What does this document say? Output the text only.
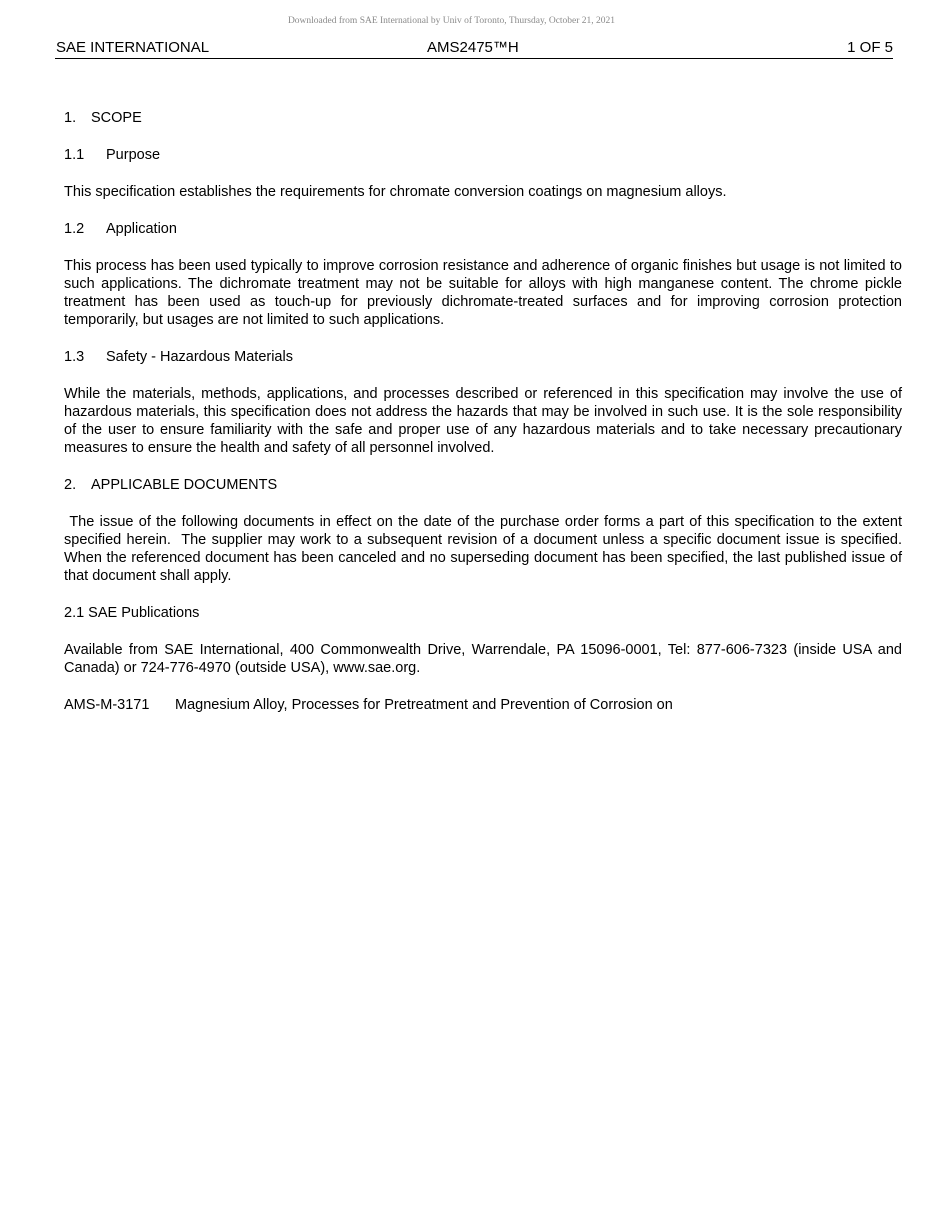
Downloaded from SAE International by Univ of Toronto, Thursday, October 21, 2021
SAE INTERNATIONAL	AMS2475™H	1 OF 5
1. SCOPE
1.1 Purpose

This specification establishes the requirements for chromate conversion coatings on magnesium alloys.

1.2 Application

This process has been used typically to improve corrosion resistance and adherence of organic finishes but usage is not limited to such applications. The dichromate treatment may not be suitable for alloys with high manganese content. The chrome pickle treatment has been used as touch-up for previously dichromate-treated surfaces and for improving corrosion protection temporarily, but usages are not limited to such applications.

1.3 Safety - Hazardous Materials

While the materials, methods, applications, and processes described or referenced in this specification may involve the use of hazardous materials, this specification does not address the hazards that may be involved in such use. It is the sole responsibility of the user to ensure familiarity with the safe and proper use of any hazardous materials and to take necessary precautionary measures to ensure the health and safety of all personnel involved.

2. APPLICABLE DOCUMENTS

The issue of the following documents in effect on the date of the purchase order forms a part of this specification to the extent specified herein.  The supplier may work to a subsequent revision of a document unless a specific document issue is specified.  When the referenced document has been canceled and no superseding document has been specified, the last published issue of that document shall apply.

2.1 SAE Publications

Available from SAE International, 400 Commonwealth Drive, Warrendale, PA 15096-0001, Tel: 877-606-7323 (inside USA and Canada) or 724-776-4970 (outside USA), www.sae.org.

AMS-M-3171 Magnesium Alloy, Processes for Pretreatment and Prevention of Corrosion on
